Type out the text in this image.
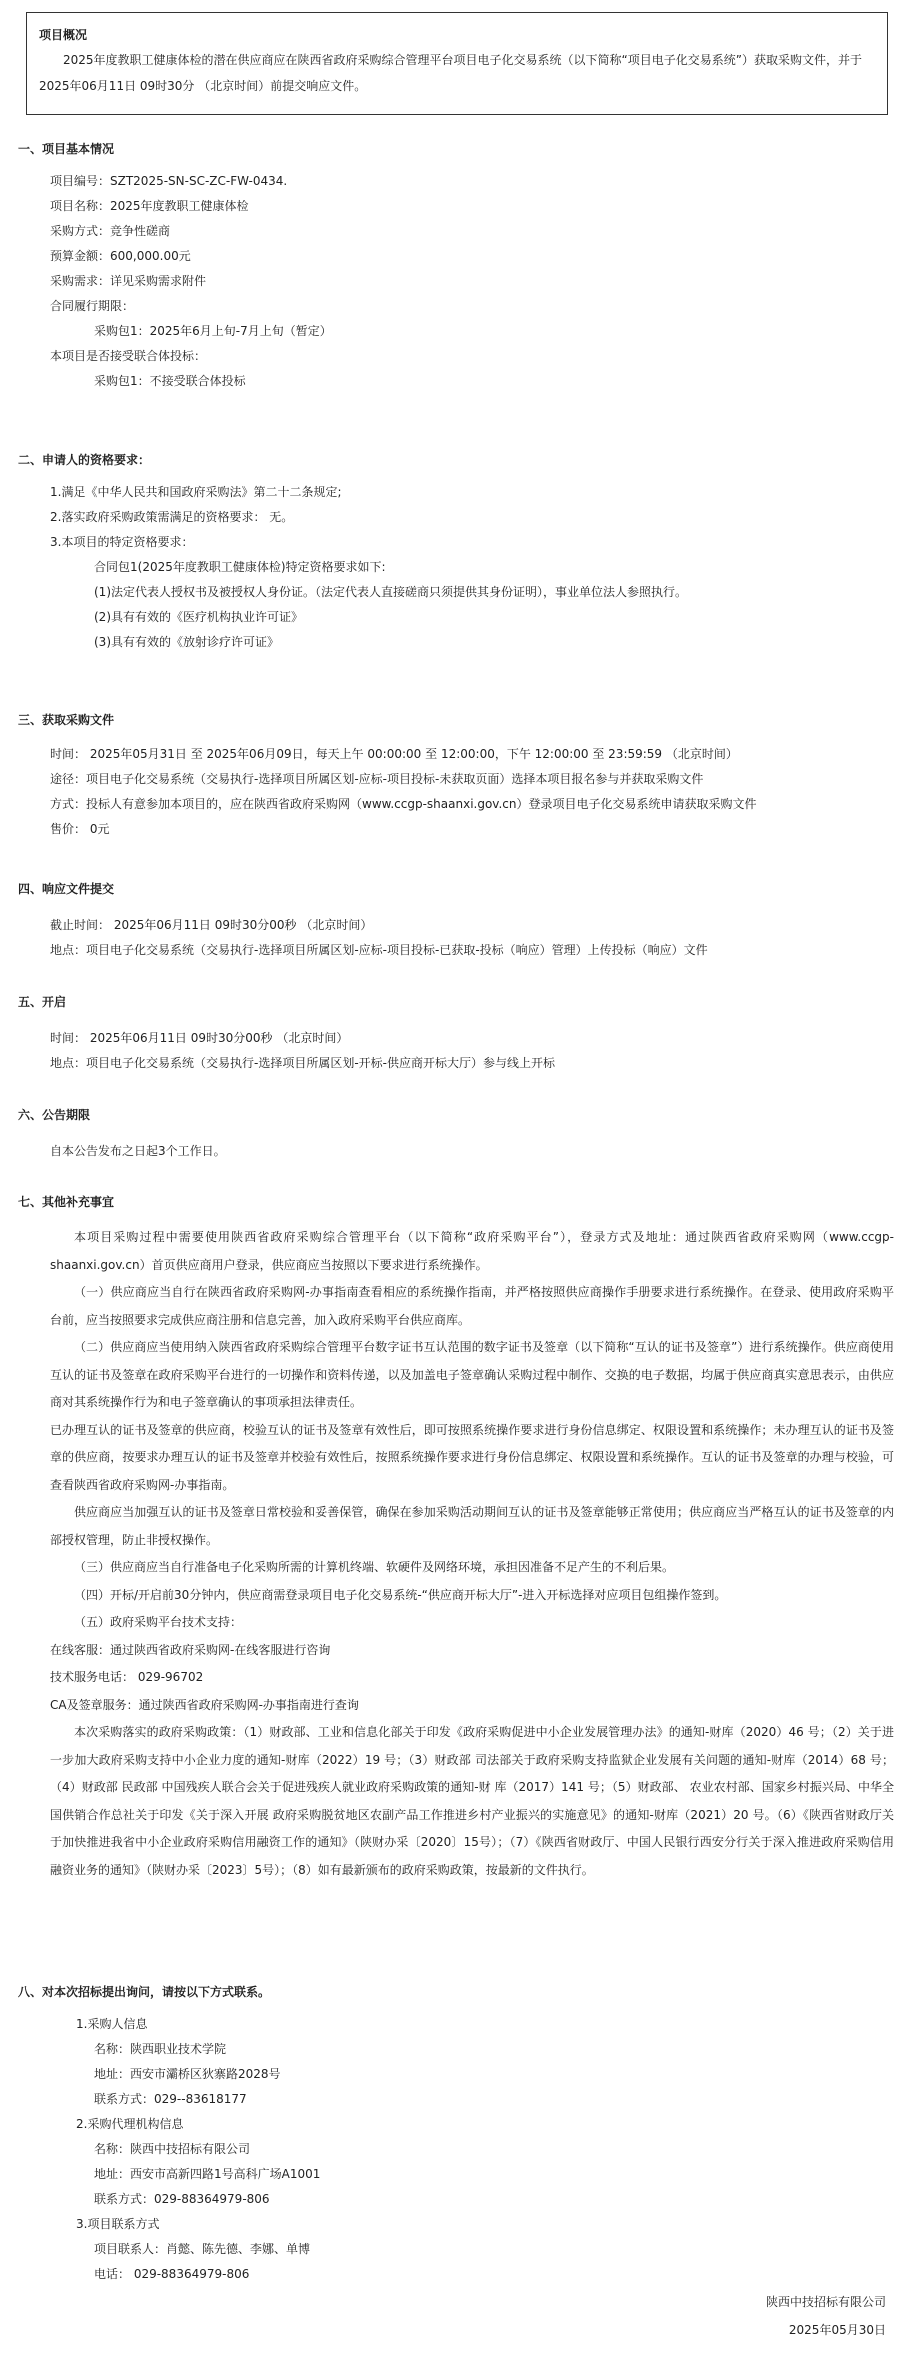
项目概况
2025年度教职工健康体检的潜在供应商应在陕西省政府采购综合管理平台项目电子化交易系统（以下简称“项目电子化交易系统”）获取采购文件，并于 2025年06月11日 09时30分 （北京时间）前提交响应文件。
一、项目基本情况
项目编号：SZT2025-SN-SC-ZC-FW-0434.
项目名称：2025年度教职工健康体检
采购方式：竞争性磋商
预算金额：600,000.00元
采购需求：详见采购需求附件
合同履行期限：
采购包1：2025年6月上旬-7月上旬（暂定）
本项目是否接受联合体投标：
采购包1：不接受联合体投标
二、申请人的资格要求：
1.满足《中华人民共和国政府采购法》第二十二条规定;
2.落实政府采购政策需满足的资格要求： 无。
3.本项目的特定资格要求：
合同包1(2025年度教职工健康体检)特定资格要求如下:
(1)法定代表人授权书及被授权人身份证。（法定代表人直接磋商只须提供其身份证明），事业单位法人参照执行。
(2)具有有效的《医疗机构执业许可证》
(3)具有有效的《放射诊疗许可证》
三、获取采购文件
时间： 2025年05月31日 至 2025年06月09日，每天上午 00:00:00 至 12:00:00，下午 12:00:00 至 23:59:59 （北京时间）
途径：项目电子化交易系统（交易执行-选择项目所属区划-应标-项目投标-未获取页面）选择本项目报名参与并获取采购文件
方式：投标人有意参加本项目的，应在陕西省政府采购网（www.ccgp-shaanxi.gov.cn）登录项目电子化交易系统申请获取采购文件
售价： 0元
四、响应文件提交
截止时间： 2025年06月11日 09时30分00秒 （北京时间）
地点：项目电子化交易系统（交易执行-选择项目所属区划-应标-项目投标-已获取-投标（响应）管理）上传投标（响应）文件
五、开启
时间： 2025年06月11日 09时30分00秒 （北京时间）
地点：项目电子化交易系统（交易执行-选择项目所属区划-开标-供应商开标大厅）参与线上开标
六、公告期限
自本公告发布之日起3个工作日。
七、其他补充事宜
本项目采购过程中需要使用陕西省政府采购综合管理平台（以下简称“政府采购平台”），登录方式及地址：通过陕西省政府采购网（www.ccgp-shaanxi.gov.cn）首页供应商用户登录，供应商应当按照以下要求进行系统操作。
（一）供应商应当自行在陕西省政府采购网-办事指南查看相应的系统操作指南，并严格按照供应商操作手册要求进行系统操作。在登录、使用政府采购平台前，应当按照要求完成供应商注册和信息完善，加入政府采购平台供应商库。
（二）供应商应当使用纳入陕西省政府采购综合管理平台数字证书互认范围的数字证书及签章（以下简称“互认的证书及签章”）进行系统操作。供应商使用互认的证书及签章在政府采购平台进行的一切操作和资料传递，以及加盖电子签章确认采购过程中制作、交换的电子数据，均属于供应商真实意思表示，由供应商对其系统操作行为和电子签章确认的事项承担法律责任。
已办理互认的证书及签章的供应商，校验互认的证书及签章有效性后，即可按照系统操作要求进行身份信息绑定、权限设置和系统操作；未办理互认的证书及签章的供应商，按要求办理互认的证书及签章并校验有效性后，按照系统操作要求进行身份信息绑定、权限设置和系统操作。互认的证书及签章的办理与校验，可查看陕西省政府采购网-办事指南。
供应商应当加强互认的证书及签章日常校验和妥善保管，确保在参加采购活动期间互认的证书及签章能够正常使用；供应商应当严格互认的证书及签章的内部授权管理，防止非授权操作。
（三）供应商应当自行准备电子化采购所需的计算机终端、软硬件及网络环境，承担因准备不足产生的不利后果。
（四）开标/开启前30分钟内，供应商需登录项目电子化交易系统-“供应商开标大厅”-进入开标选择对应项目包组操作签到。
（五）政府采购平台技术支持：
在线客服：通过陕西省政府采购网-在线客服进行咨询
技术服务电话： 029-96702
CA及签章服务：通过陕西省政府采购网-办事指南进行查询
本次采购落实的政府采购政策：（1）财政部、工业和信息化部关于印发《政府采购促进中小企业发展管理办法》的通知-财库（2020）46 号；（2）关于进一步加大政府采购支持中小企业力度的通知-财库（2022）19 号；（3）财政部 司法部关于政府采购支持监狱企业发展有关问题的通知-财库（2014）68 号；（4）财政部 民政部 中国残疾人联合会关于促进残疾人就业政府采购政策的通知-财 库（2017）141 号；（5）财政部、 农业农村部、国家乡村振兴局、中华全国供销合作总社关于印发《关于深入开展 政府采购脱贫地区农副产品工作推进乡村产业振兴的实施意见》的通知-财库（2021）20 号。（6）《陕西省财政厅关于加快推进我省中小企业政府采购信用融资工作的通知》（陕财办采〔2020〕15号）；（7）《陕西省财政厅、中国人民银行西安分行关于深入推进政府采购信用融资业务的通知》（陕财办采〔2023〕5号）；（8）如有最新颁布的政府采购政策，按最新的文件执行。
八、对本次招标提出询问，请按以下方式联系。
1.采购人信息
名称：陕西职业技术学院
地址：西安市灞桥区狄寨路2028号
联系方式：029--83618177
2.采购代理机构信息
名称：陕西中技招标有限公司
地址：西安市高新四路1号高科广场A1001
联系方式：029-88364979-806
3.项目联系方式
项目联系人：肖懿、陈先德、李娜、单博
电话： 029-88364979-806
陕西中技招标有限公司
2025年05月30日
